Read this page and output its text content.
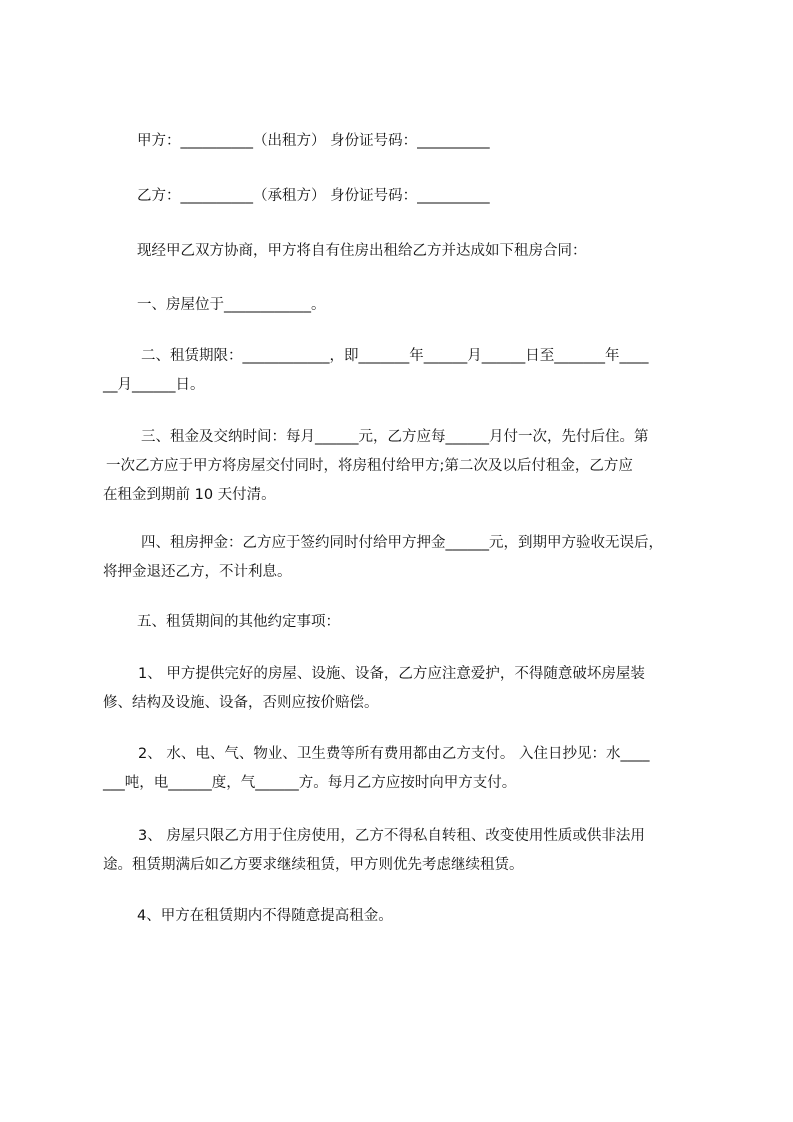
甲方：__________（出租方） 身份证号码：__________
乙方：__________（承租方） 身份证号码：__________
现经甲乙双方协商，甲方将自有住房出租给乙方并达成如下租房合同：
一、房屋位于____________。
二、租赁期限：____________，即_______年______月______日至_______年____
__月______日。
三、租金及交纳时间：每月______元，乙方应每______月付一次，先付后住。第
一次乙方应于甲方将房屋交付同时，将房租付给甲方;第二次及以后付租金，乙方应
在租金到期前 10 天付清。
四、租房押金：乙方应于签约同时付给甲方押金______元，到期甲方验收无误后，
将押金退还乙方，不计利息。
五、租赁期间的其他约定事项：
1、 甲方提供完好的房屋、设施、设备，乙方应注意爱护，不得随意破坏房屋装
修、结构及设施、设备，否则应按价赔偿。
2、 水、电、气、物业、卫生费等所有费用都由乙方支付。 入住日抄见：水____
___吨，电______度，气______方。每月乙方应按时向甲方支付。
3、 房屋只限乙方用于住房使用，乙方不得私自转租、改变使用性质或供非法用
途。租赁期满后如乙方要求继续租赁，甲方则优先考虑继续租赁。
4、甲方在租赁期内不得随意提高租金。
